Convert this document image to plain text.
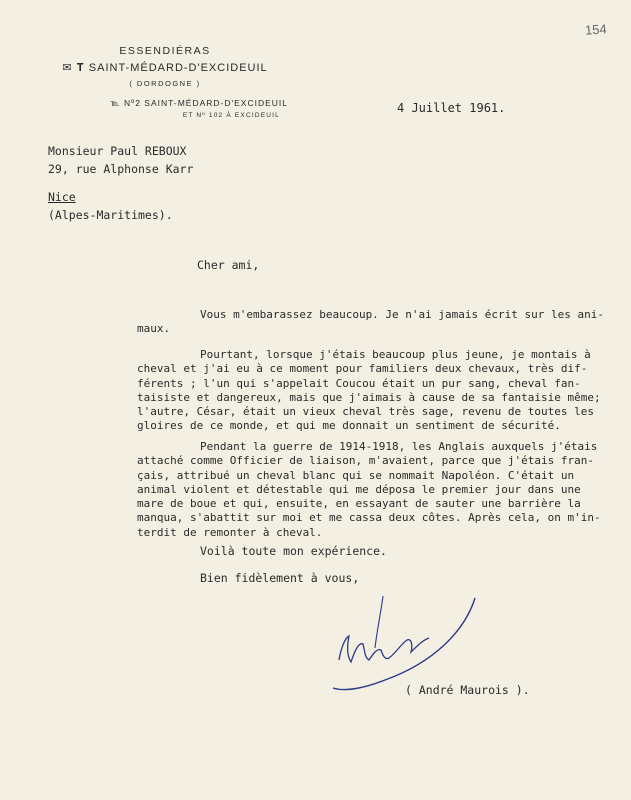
154
ESSENDIÉRAS
✉ 𝐓 SAINT-MÉDARD-D'EXCIDEUIL
( DORDOGNE )
℡ Nº2 SAINT-MÉDARD-D'EXCIDEUIL
ET Nº 102 À EXCIDEUIL
4 Juillet 1961.
Monsieur Paul REBOUX
29, rue Alphonse Karr
Nice
(Alpes-Maritimes).
Cher ami,
Vous m'embarassez beaucoup. Je n'ai jamais écrit sur les ani-
maux.
Pourtant, lorsque j'étais beaucoup plus jeune, je montais à
cheval et j'ai eu à ce moment pour familiers deux chevaux, très dif-
férents ; l'un qui s'appelait Coucou était un pur sang, cheval fan-
taisiste et dangereux, mais que j'aimais à cause de sa fantaisie même;
l'autre, César, était un vieux cheval très sage, revenu de toutes les
gloires de ce monde, et qui me donnait un sentiment de sécurité.
Pendant la guerre de 1914-1918, les Anglais auxquels j'étais
attaché comme Officier de liaison, m'avaient, parce que j'étais fran-
çais, attribué un cheval blanc qui se nommait Napoléon. C'était un
animal violent et détestable qui me déposa le premier jour dans une
mare de boue et qui, ensuite, en essayant de sauter une barrière la
manqua, s'abattit sur moi et me cassa deux côtes. Après cela, on m'in-
terdit de remonter à cheval.
Voilà toute mon expérience.
Bien fidèlement à vous,
( André Maurois ).
